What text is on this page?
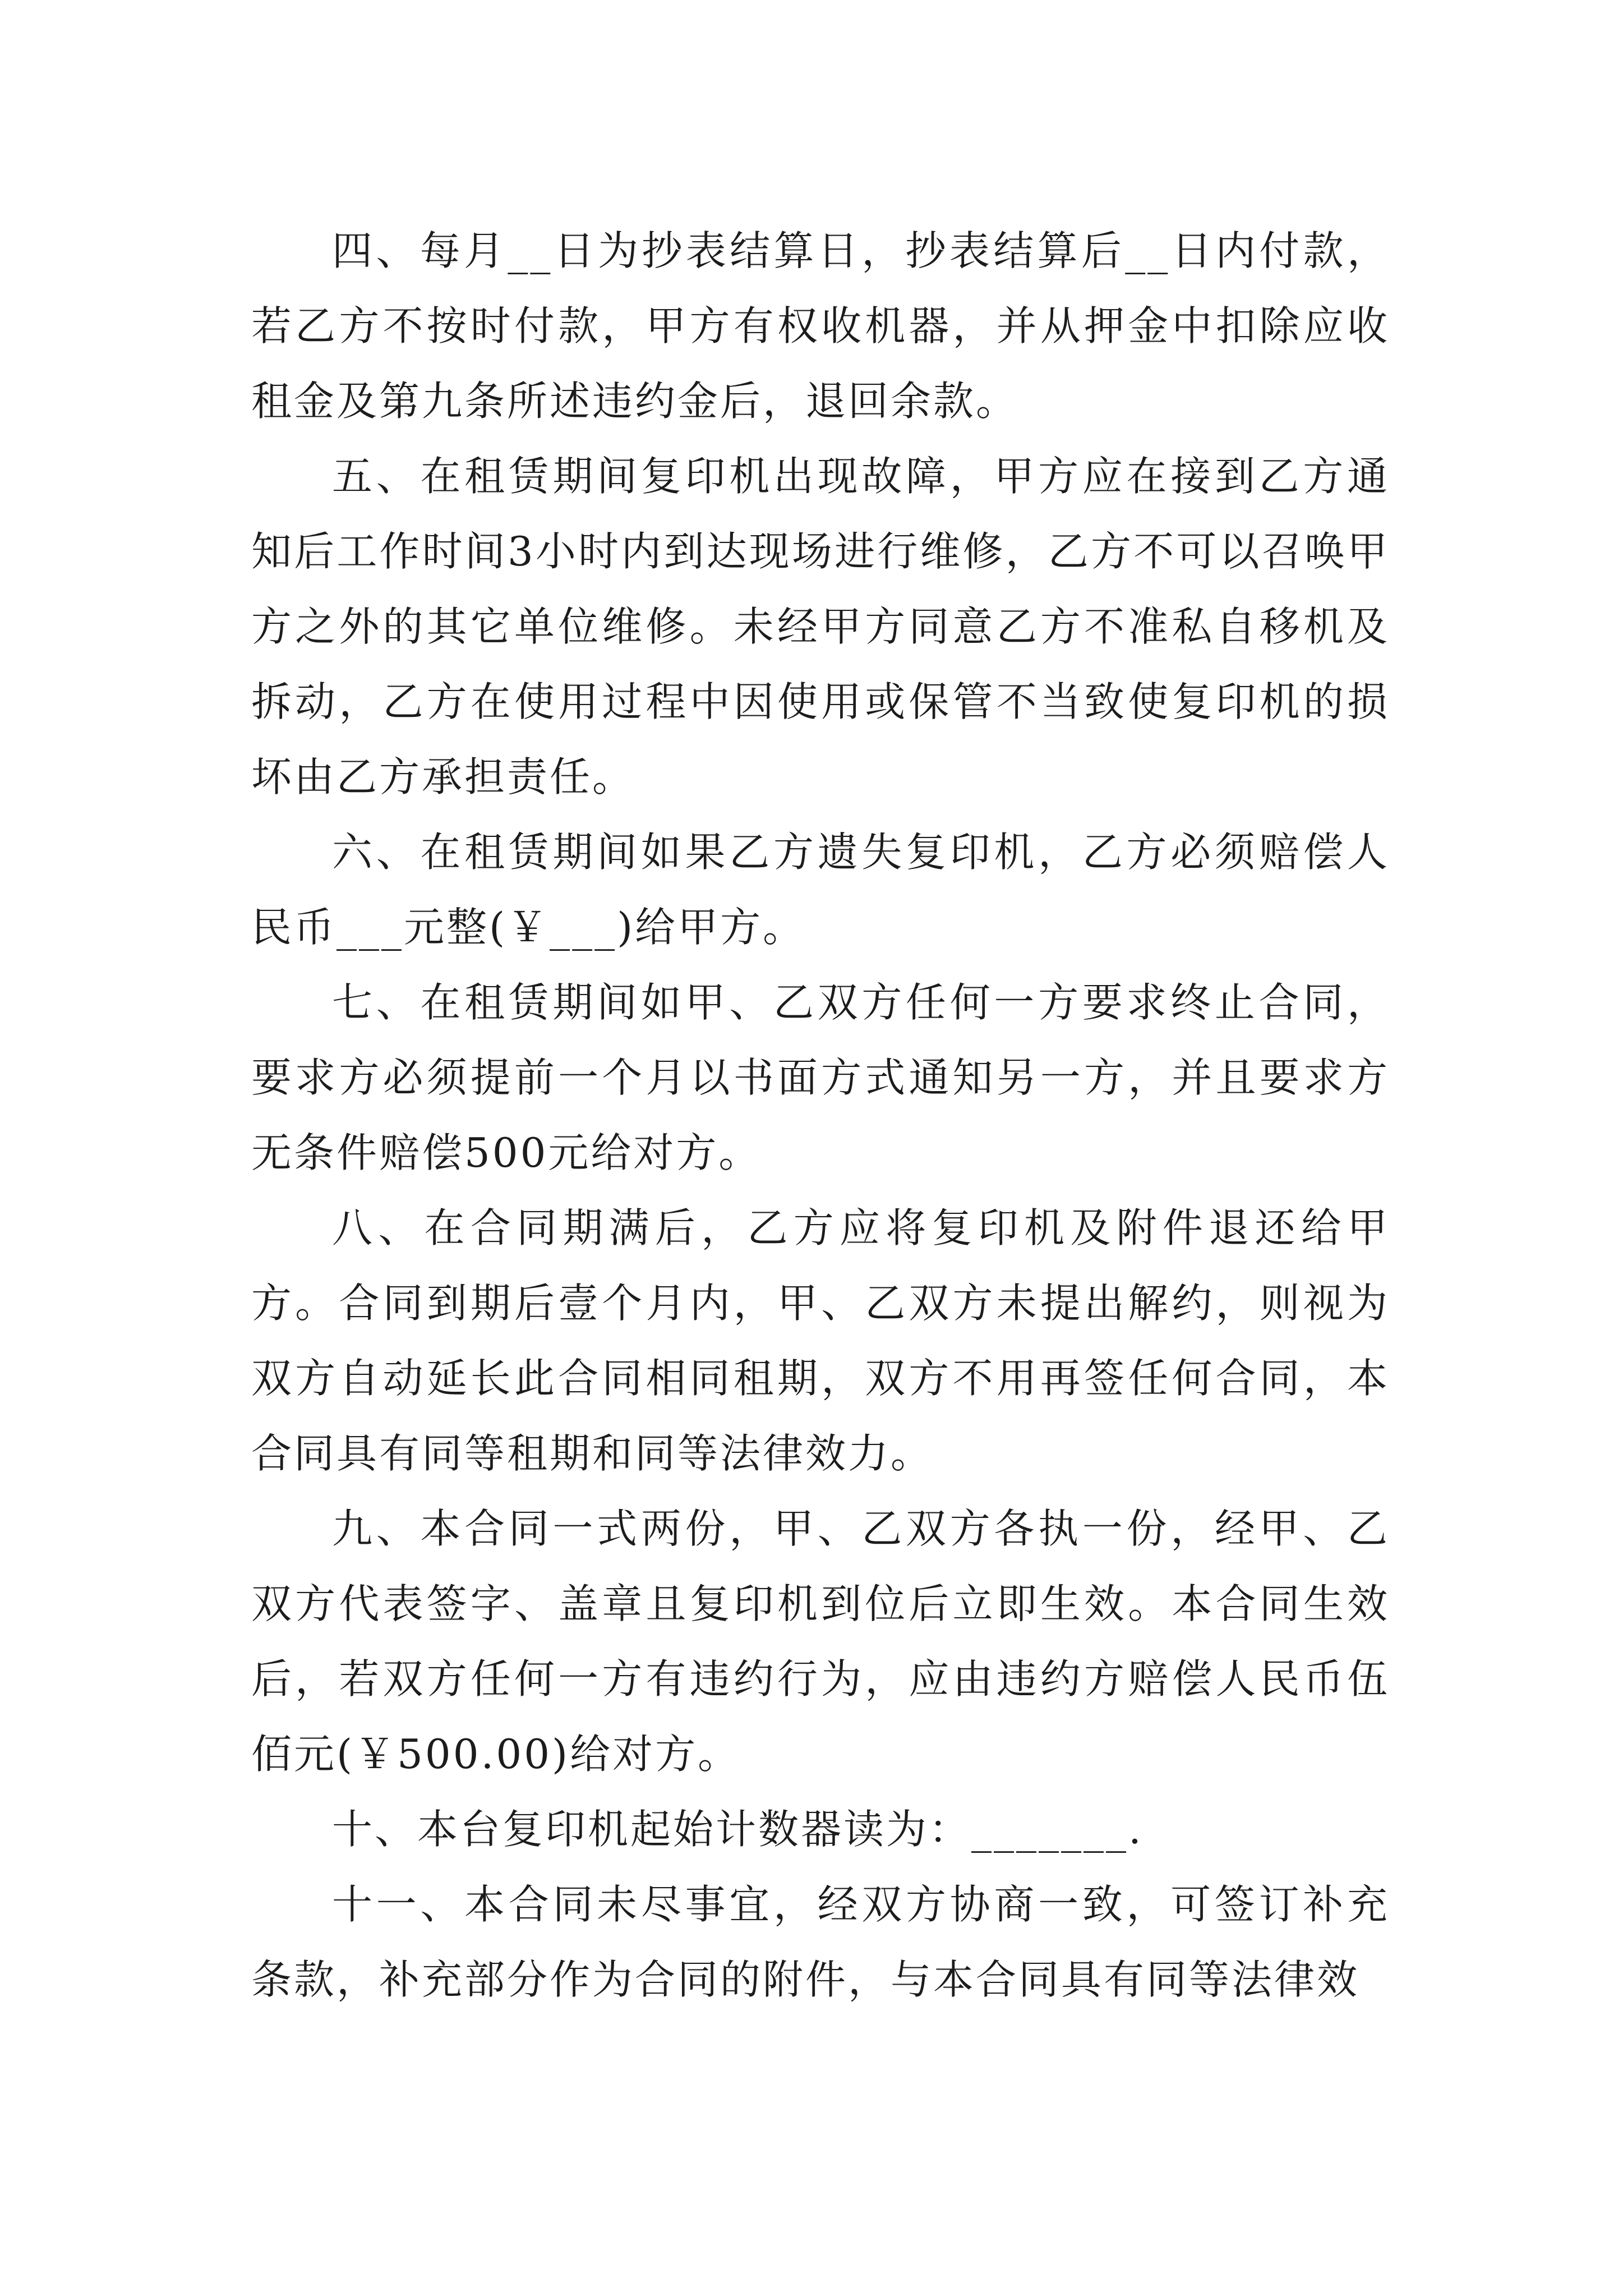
四、每月__日为抄表结算日，抄表结算后__日内付款，若乙方不按时付款，甲方有权收机器，并从押金中扣除应收租金及第九条所述违约金后，退回余款。

五、在租赁期间复印机出现故障，甲方应在接到乙方通知后工作时间3小时内到达现场进行维修，乙方不可以召唤甲方之外的其它单位维修。未经甲方同意乙方不准私自移机及拆动，乙方在使用过程中因使用或保管不当致使复印机的损坏由乙方承担责任。

六、在租赁期间如果乙方遗失复印机，乙方必须赔偿人民币___元整(￥___)给甲方。

七、在租赁期间如甲、乙双方任何一方要求终止合同，要求方必须提前一个月以书面方式通知另一方，并且要求方无条件赔偿500元给对方。

八、在合同期满后，乙方应将复印机及附件退还给甲方。合同到期后壹个月内，甲、乙双方未提出解约，则视为双方自动延长此合同相同租期，双方不用再签任何合同，本合同具有同等租期和同等法律效力。

九、本合同一式两份，甲、乙双方各执一份，经甲、乙双方代表签字、盖章且复印机到位后立即生效。本合同生效后，若双方任何一方有违约行为，应由违约方赔偿人民币伍佰元(￥500.00)给对方。

十、本台复印机起始计数器读为：_______.

十一、本合同未尽事宜，经双方协商一致，可签订补充条款，补充部分作为合同的附件，与本合同具有同等法律效
